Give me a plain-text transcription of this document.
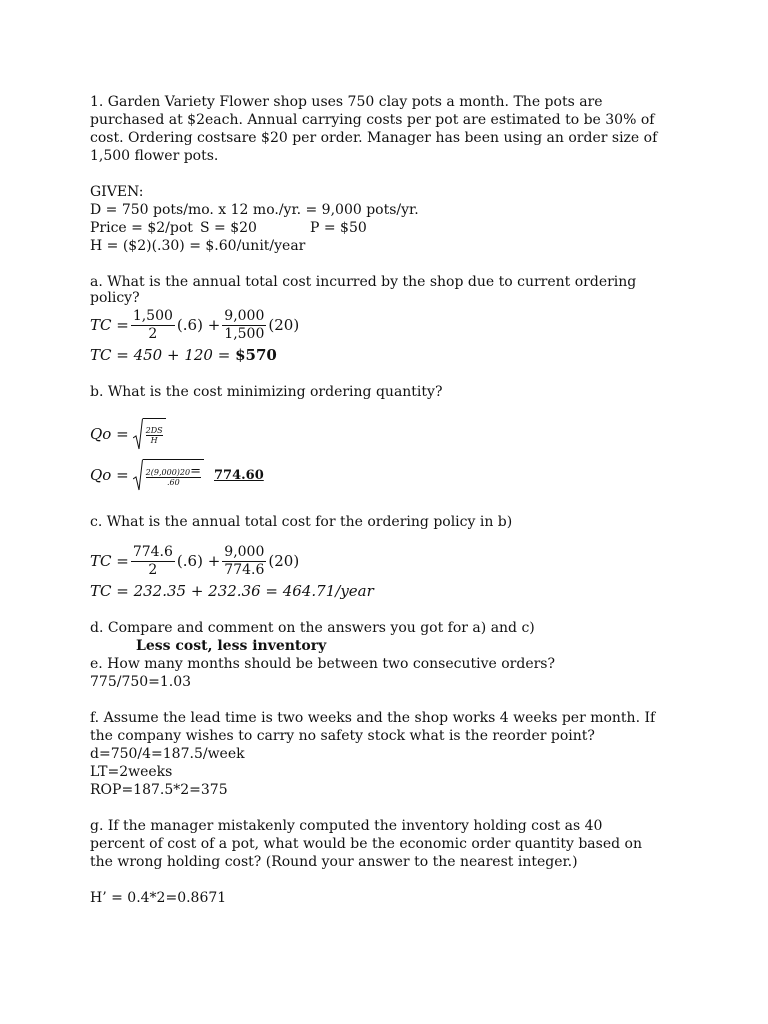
1. Garden Variety Flower shop uses 750 clay pots a month. The pots are
purchased at $2each. Annual carrying costs per pot are estimated to be 30% of
cost. Ordering costsare $20 per order. Manager has been using an order size of
1,500 flower pots.
GIVEN:
D = 750 pots/mo. x 12 mo./yr. = 9,000 pots/yr.
Price = $2/pot S = $20	P = $50
H = ($2)(.30) = $.60/unit/year
a. What is the annual total cost incurred by the shop due to current ordering
policy?
TC = $\frac{1,500}{2} (.6) + \frac{9,000}{1,500} (20)$
TC = 450 + 120 =
$570
b. What is the cost minimizing ordering quantity?
$Qo = \frac{2DS}{H}$
$Qo = \frac{2(9,000)20=}{.60} 774.60$
c. What is the annual total cost for the ordering policy in b)
TC = $\frac{774.6}{2} (.6) + \frac{9,000}{774.6} (20)$
TC = 232.35 + 232.36 = 464.71/ year
d. Compare and comment on the answers you got for a) and c)
Less cost, less inventory
e. How many months should be between two consecutive orders?
775/750=1.03
f. Assume the lead time is two weeks and the shop works 4 weeks per month. If
the company wishes to carry no safety stock what is the reorder point?
d=750/4=187.5/week
LT=2weeks
ROP=187.5*2=375
g. If the manager mistakenly computed the inventory holding cost as 40
percent of cost of a pot, what would be the economic order quantity based on
the wrong holding cost? (Round your answer to the nearest integer.)
H’ = 0.4*2=0.8671
